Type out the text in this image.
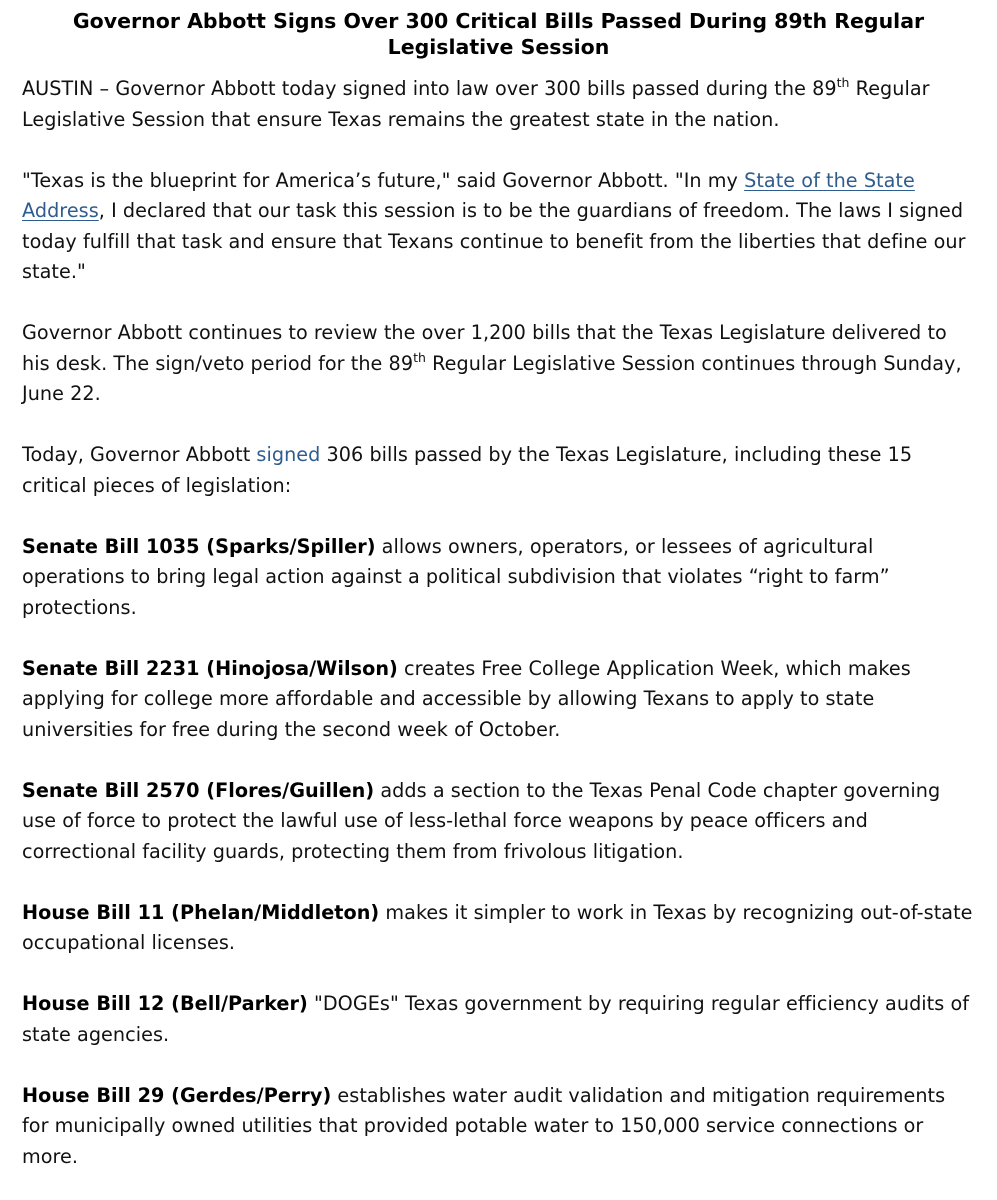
Governor Abbott Signs Over 300 Critical Bills Passed During 89th Regular Legislative Session

AUSTIN – Governor Abbott today signed into law over 300 bills passed during the 89th Regular Legislative Session that ensure Texas remains the greatest state in the nation.

"Texas is the blueprint for America’s future," said Governor Abbott. "In my State of the State Address, I declared that our task this session is to be the guardians of freedom. The laws I signed today fulfill that task and ensure that Texans continue to benefit from the liberties that define our state."

Governor Abbott continues to review the over 1,200 bills that the Texas Legislature delivered to his desk. The sign/veto period for the 89th Regular Legislative Session continues through Sunday, June 22.

Today, Governor Abbott signed 306 bills passed by the Texas Legislature, including these 15 critical pieces of legislation:

Senate Bill 1035 (Sparks/Spiller) allows owners, operators, or lessees of agricultural operations to bring legal action against a political subdivision that violates “right to farm” protections.

Senate Bill 2231 (Hinojosa/Wilson) creates Free College Application Week, which makes applying for college more affordable and accessible by allowing Texans to apply to state universities for free during the second week of October.

Senate Bill 2570 (Flores/Guillen) adds a section to the Texas Penal Code chapter governing use of force to protect the lawful use of less-lethal force weapons by peace officers and correctional facility guards, protecting them from frivolous litigation.

House Bill 11 (Phelan/Middleton) makes it simpler to work in Texas by recognizing out-of-state occupational licenses.

House Bill 12 (Bell/Parker) "DOGEs" Texas government by requiring regular efficiency audits of state agencies.

House Bill 29 (Gerdes/Perry) establishes water audit validation and mitigation requirements for municipally owned utilities that provided potable water to 150,000 service connections or more.
